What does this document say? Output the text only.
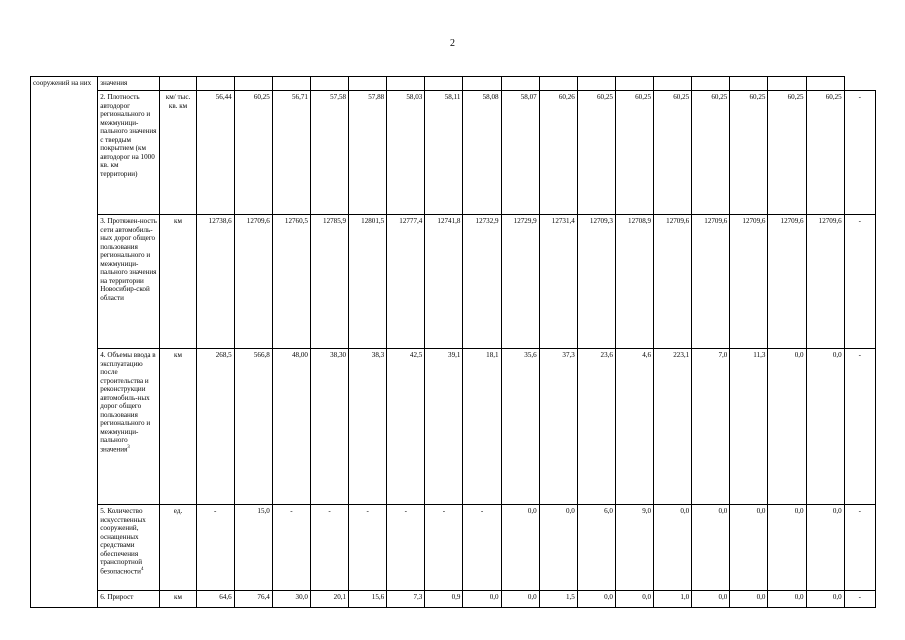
2
сооружений на них	значения																			
	2. Плотность автодорог регионального и межмуници-пального значения с твердым покрытием (км автодорог на 1000 кв. км территории)	км/ тыс. кв. км	56,44	60,25	56,71	57,58	57,88	58,03	58,11	58,08	58,07	60,26	60,25	60,25	60,25	60,25	60,25	60,25	60,25	-
	3. Протяжен-ность сети автомобиль-ных дорог общего пользования регионального и межмуници-пального значения на территории Новосибир-ской области	км	12738,6	12709,6	12760,5	12785,9	12801,5	12777,4	12741,8	12732,9	12729,9	12731,4	12709,3	12708,9	12709,6	12709,6	12709,6	12709,6	12709,6	-
	4. Объемы ввода в эксплуатацию после строительства и реконструкции автомобиль-ных дорог общего пользования регионального и межмуници-пального значения$^3$	км	268,5	566,8	48,00	38,30	38,3	42,5	39,1	18,1	35,6	37,3	23,6	4,6	223,1	7,0	11,3	0,0	0,0	-
	5. Количество искусственных сооружений, оснащенных средствами обеспечения транспортной безопасности$^4$	ед.	-	15,0	-	-	-	-	-	-	0,0	0,0	6,0	9,0	0,0	0,0	0,0	0,0	0,0	-
	6. Прирост	км	64,6	76,4	30,0	20,1	15,6	7,3	0,9	0,0	0,0	1,5	0,0	0,0	1,0	0,0	0,0	0,0	0,0	-
